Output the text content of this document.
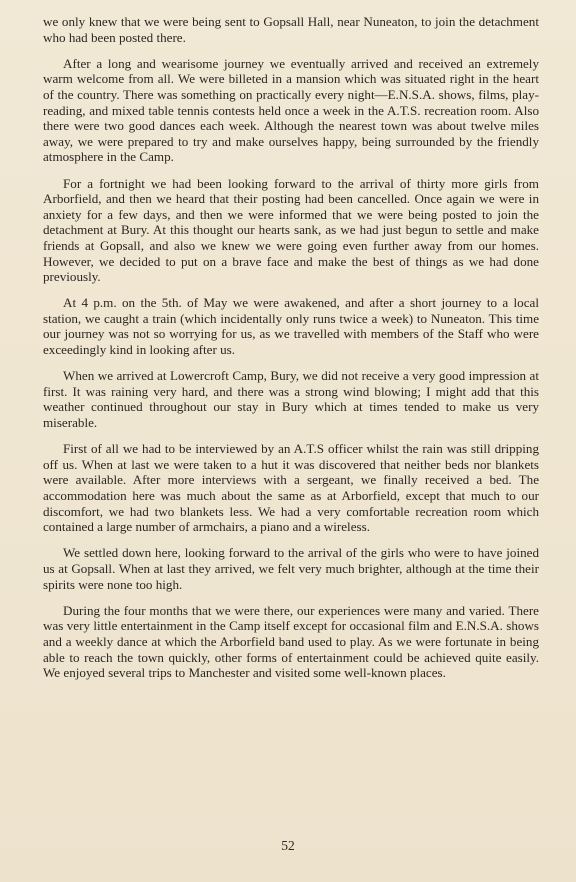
we only knew that we were being sent to Gopsall Hall, near Nuneaton, to join the detachment who had been posted there.

After a long and wearisome journey we eventually arrived and received an extremely warm welcome from all. We were billeted in a mansion which was situated right in the heart of the country. There was something on practically every night—E.N.S.A. shows, films, play-reading, and mixed table tennis contests held once a week in the A.T.S. recreation room. Also there were two good dances each week. Although the nearest town was about twelve miles away, we were prepared to try and make ourselves happy, being surrounded by the friendly atmosphere in the Camp.

For a fortnight we had been looking forward to the arrival of thirty more girls from Arborfield, and then we heard that their posting had been cancelled. Once again we were in anxiety for a few days, and then we were informed that we were being posted to join the detachment at Bury. At this thought our hearts sank, as we had just begun to settle and make friends at Gopsall, and also we knew we were going even further away from our homes. However, we decided to put on a brave face and make the best of things as we had done previously.

At 4 p.m. on the 5th. of May we were awakened, and after a short journey to a local station, we caught a train (which incidentally only runs twice a week) to Nuneaton. This time our journey was not so worrying for us, as we travelled with members of the Staff who were exceedingly kind in looking after us.

When we arrived at Lowercroft Camp, Bury, we did not receive a very good impression at first. It was raining very hard, and there was a strong wind blowing; I might add that this weather continued throughout our stay in Bury which at times tended to make us very miserable.

First of all we had to be interviewed by an A.T.S officer whilst the rain was still dripping off us. When at last we were taken to a hut it was discovered that neither beds nor blankets were available. After more interviews with a sergeant, we finally received a bed. The accommodation here was much about the same as at Arborfield, except that much to our discomfort, we had two blankets less. We had a very comfortable recreation room which contained a large number of armchairs, a piano and a wireless.

We settled down here, looking forward to the arrival of the girls who were to have joined us at Gopsall. When at last they arrived, we felt very much brighter, although at the time their spirits were none too high.

During the four months that we were there, our experiences were many and varied. There was very little entertainment in the Camp itself except for occasional film and E.N.S.A. shows and a weekly dance at which the Arborfield band used to play. As we were fortunate in being able to reach the town quickly, other forms of entertainment could be achieved quite easily. We enjoyed several trips to Manchester and visited some well-known places.

52
